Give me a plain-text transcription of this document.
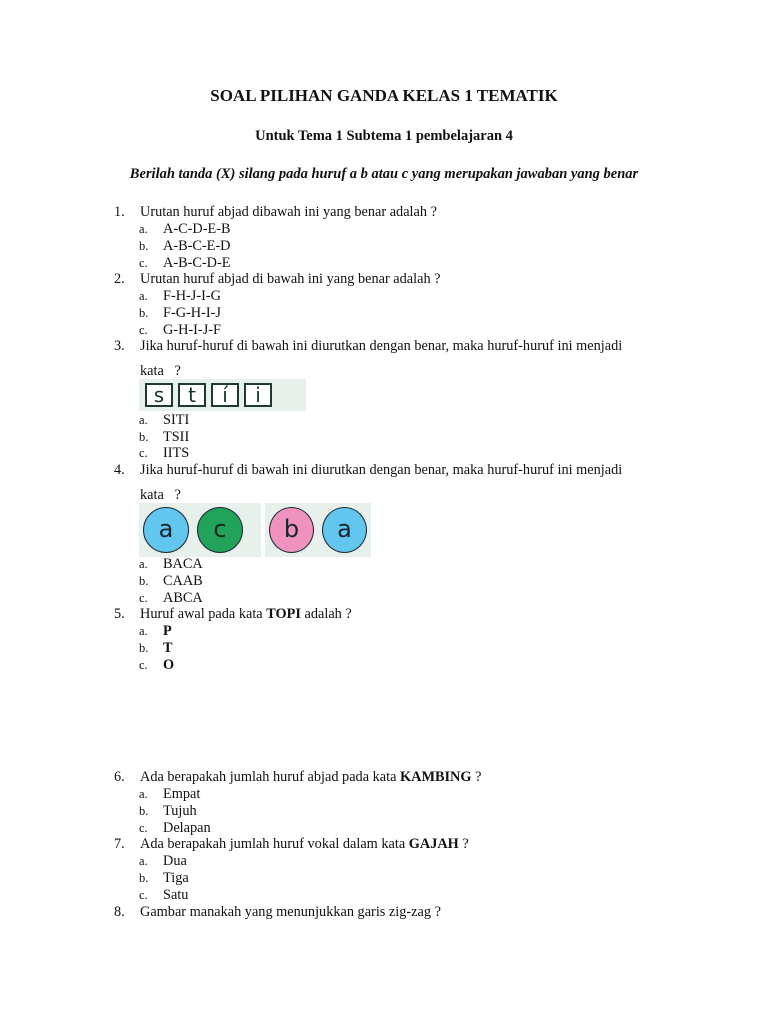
SOAL PILIHAN GANDA KELAS 1 TEMATIK
Untuk Tema 1 Subtema 1 pembelajaran 4
Berilah tanda (X) silang pada huruf a b atau c yang merupakan jawaban yang benar
1. Urutan huruf abjad dibawah ini yang benar adalah ?
a. A-C-D-E-B
b. A-B-C-E-D
c. A-B-C-D-E
2. Urutan huruf abjad di bawah ini yang benar adalah ?
a. F-H-J-I-G
b. F-G-H-I-J
c. G-H-I-J-F
3. Jika huruf-huruf di bawah ini diurutkan dengan benar, maka huruf-huruf ini menjadi
kata   ?
s	t	í	i
a. SITI
b. TSII
c. IITS
4. Jika huruf-huruf di bawah ini diurutkan dengan benar, maka huruf-huruf ini menjadi
kata   ?
a	c	b	a
a. BACA
b. CAAB
c. ABCA
5. Huruf awal pada kata TOPI adalah ?
a. P
b. T
c. O
6. Ada berapakah jumlah huruf abjad pada kata KAMBING ?
a. Empat
b. Tujuh
c. Delapan
7. Ada berapakah jumlah huruf vokal dalam kata GAJAH ?
a. Dua
b. Tiga
c. Satu
8. Gambar manakah yang menunjukkan garis zig-zag ?
